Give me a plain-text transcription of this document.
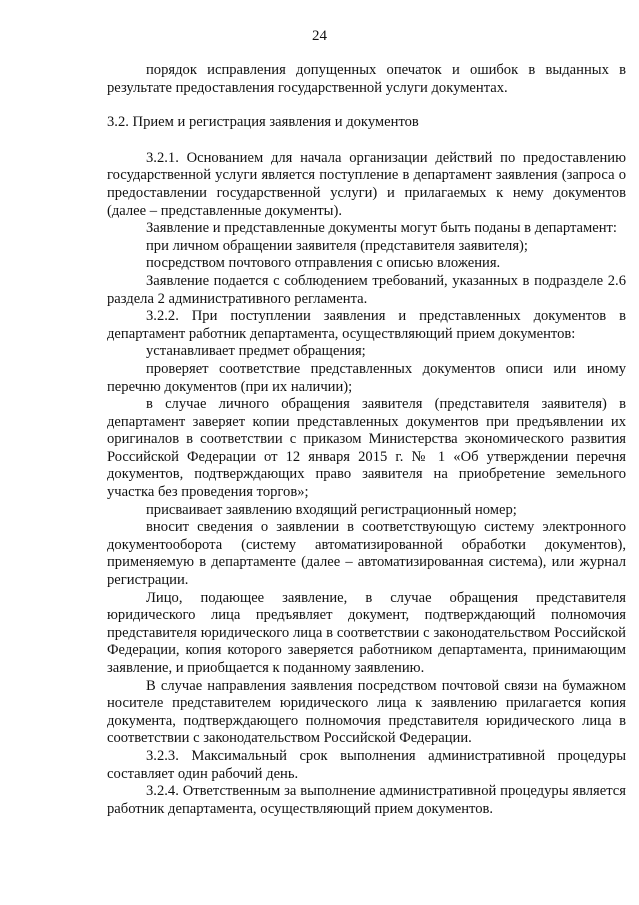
24

порядок исправления допущенных опечаток и ошибок в выданных в результате предоставления государственной услуги документах.

3.2. Прием и регистрация заявления и документов

3.2.1. Основанием для начала организации действий по предоставлению государственной услуги является поступление в департамент заявления (запроса о предоставлении государственной услуги) и прилагаемых к нему документов (далее – представленные документы).

Заявление и представленные документы могут быть поданы в департамент:

при личном обращении заявителя (представителя заявителя);

посредством почтового отправления с описью вложения.

Заявление подается с соблюдением требований, указанных в подразделе 2.6 раздела 2 административного регламента.

3.2.2. При поступлении заявления и представленных документов в департамент работник департамента, осуществляющий прием документов:

устанавливает предмет обращения;

проверяет соответствие представленных документов описи или иному перечню документов (при их наличии);

в случае личного обращения заявителя (представителя заявителя) в департамент заверяет копии представленных документов при предъявлении их оригиналов в соответствии с приказом Министерства экономического развития Российской Федерации от 12 января 2015 г. № 1 «Об утверждении перечня документов, подтверждающих право заявителя на приобретение земельного участка без проведения торгов»;

присваивает заявлению входящий регистрационный номер;

вносит сведения о заявлении в соответствующую систему электронного документооборота (систему автоматизированной обработки документов), применяемую в департаменте (далее – автоматизированная система), или журнал регистрации.

Лицо, подающее заявление, в случае обращения представителя юридического лица предъявляет документ, подтверждающий полномочия представителя юридического лица в соответствии с законодательством Российской Федерации, копия которого заверяется работником департамента, принимающим заявление, и приобщается к поданному заявлению.

В случае направления заявления посредством почтовой связи на бумажном носителе представителем юридического лица к заявлению прилагается копия документа, подтверждающего полномочия представителя юридического лица в соответствии с законодательством Российской Федерации.

3.2.3. Максимальный срок выполнения административной процедуры составляет один рабочий день.

3.2.4. Ответственным за выполнение административной процедуры является работник департамента, осуществляющий прием документов.
